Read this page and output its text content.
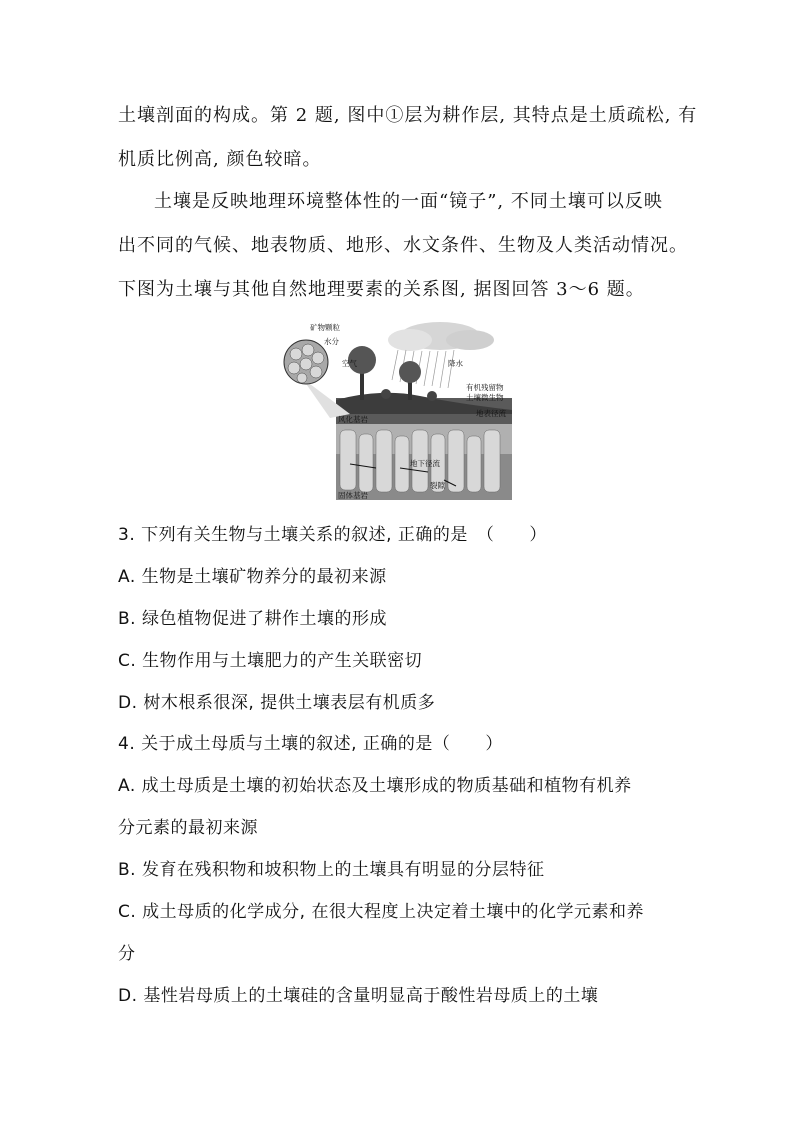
土壤剖面的构成。第 2 题, 图中①层为耕作层, 其特点是土质疏松, 有
机质比例高, 颜色较暗。
土壤是反映地理环境整体性的一面“镜子”, 不同土壤可以反映
出不同的气候、地表物质、地形、水文条件、生物及人类活动情况。
下图为土壤与其他自然地理要素的关系图, 据图回答 3～6 题。
矿物颗粒
水分
空气	降水
有机残留物
土壤微生物
地表径流
风化基岩
地下径流
裂隙
固体基岩
3. 下列有关生物与土壤关系的叙述, 正确的是　（　　）
A. 生物是土壤矿物养分的最初来源
B. 绿色植物促进了耕作土壤的形成
C. 生物作用与土壤肥力的产生关联密切
D. 树木根系很深, 提供土壤表层有机质多
4. 关于成土母质与土壤的叙述, 正确的是（　　）
A. 成土母质是土壤的初始状态及土壤形成的物质基础和植物有机养
分元素的最初来源
B. 发育在残积物和坡积物上的土壤具有明显的分层特征
C. 成土母质的化学成分, 在很大程度上决定着土壤中的化学元素和养
分
D. 基性岩母质上的土壤硅的含量明显高于酸性岩母质上的土壤
